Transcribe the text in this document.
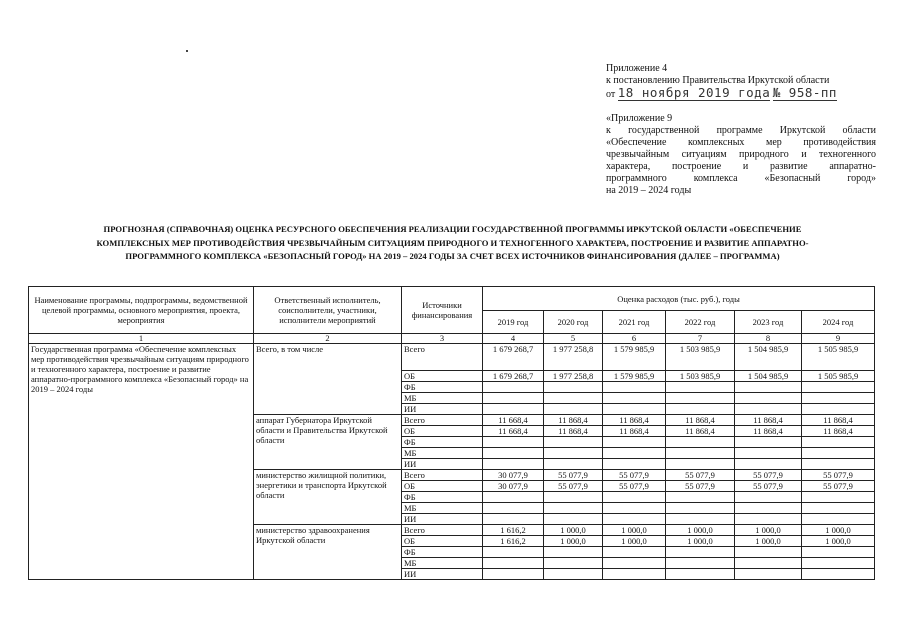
Приложение 4
к постановлению Правительства Иркутской области
от 18 ноября 2019 года № 958-пп
«Приложение 9
к государственной программе Иркутской области
«Обеспечение комплексных мер противодействия
чрезвычайным ситуациям природного и техногенного
характера, построение и развитие аппаратно-
программного комплекса «Безопасный город»
на 2019 – 2024 годы
ПРОГНОЗНАЯ (СПРАВОЧНАЯ) ОЦЕНКА РЕСУРСНОГО ОБЕСПЕЧЕНИЯ РЕАЛИЗАЦИИ ГОСУДАРСТВЕННОЙ ПРОГРАММЫ ИРКУТСКОЙ ОБЛАСТИ «ОБЕСПЕЧЕНИЕ
КОМПЛЕКСНЫХ МЕР ПРОТИВОДЕЙСТВИЯ ЧРЕЗВЫЧАЙНЫМ СИТУАЦИЯМ ПРИРОДНОГО И ТЕХНОГЕННОГО ХАРАКТЕРА, ПОСТРОЕНИЕ И РАЗВИТИЕ АППАРАТНО-
ПРОГРАММНОГО КОМПЛЕКСА «БЕЗОПАСНЫЙ ГОРОД» НА 2019 – 2024 ГОДЫ ЗА СЧЕТ ВСЕХ ИСТОЧНИКОВ ФИНАНСИРОВАНИЯ (ДАЛЕЕ – ПРОГРАММА)
Наименование программы, подпрограммы, ведомственной целевой программы, основного мероприятия, проекта, мероприятия	Ответственный исполнитель, соисполнители, участники, исполнители мероприятий	Источники финансирования	Оценка расходов (тыс. руб.), годы					
			2019 год	2020 год	2021 год	2022 год	2023 год	2024 год
1	2	3	4	5	6	7	8	9
Государственная программа «Обеспечение комплексных мер противодействия чрезвычайным ситуациям природного и техногенного характера, построение и развитие аппаратно-программного комплекса «Безопасный город» на 2019 – 2024 годы	Всего, в том числе	Всего	1 679 268,7	1 977 258,8	1 579 985,9	1 503 985,9	1 504 985,9	1 505 985,9
		ОБ	1 679 268,7	1 977 258,8	1 579 985,9	1 503 985,9	1 504 985,9	1 505 985,9
		ФБ						
		МБ						
		ИИ						
	аппарат Губернатора Иркутской области и Правительства Иркутской области	Всего	11 668,4	11 868,4	11 868,4	11 868,4	11 868,4	11 868,4
		ОБ	11 668,4	11 868,4	11 868,4	11 868,4	11 868,4	11 868,4
		ФБ						
		МБ						
		ИИ						
	министерство жилищной политики, энергетики и транспорта Иркутской области	Всего	30 077,9	55 077,9	55 077,9	55 077,9	55 077,9	55 077,9
		ОБ	30 077,9	55 077,9	55 077,9	55 077,9	55 077,9	55 077,9
		ФБ						
		МБ						
		ИИ						
	министерство здравоохранения Иркутской области	Всего	1 616,2	1 000,0	1 000,0	1 000,0	1 000,0	1 000,0
		ОБ	1 616,2	1 000,0	1 000,0	1 000,0	1 000,0	1 000,0
		ФБ						
		МБ						
		ИИ						
